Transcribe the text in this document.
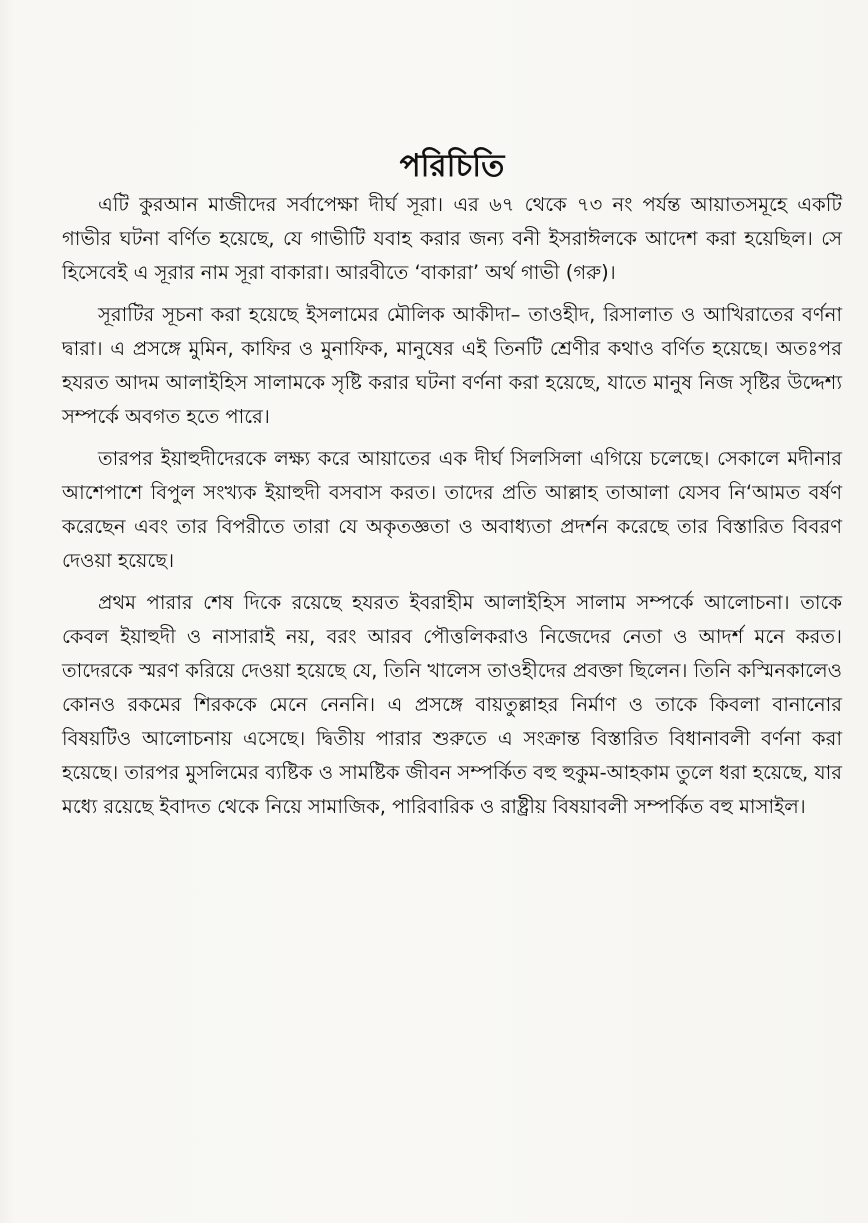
পরিচিতি

এটি কুরআন মাজীদের সর্বাপেক্ষা দীর্ঘ সূরা। এর ৬৭ থেকে ৭৩ নং পর্যন্ত আয়াতসমূহে একটি গাভীর ঘটনা বর্ণিত হয়েছে, যে গাভীটি যবাহ করার জন্য বনী ইসরাঈলকে আদেশ করা হয়েছিল। সে হিসেবেই এ সূরার নাম সূরা বাকারা। আরবীতে ‘বাকারা’ অর্থ গাভী (গরু)।

সূরাটির সূচনা করা হয়েছে ইসলামের মৌলিক আকীদা– তাওহীদ, রিসালাত ও আখিরাতের বর্ণনা দ্বারা। এ প্রসঙ্গে মুমিন, কাফির ও মুনাফিক, মানুষের এই তিনটি শ্রেণীর কথাও বর্ণিত হয়েছে। অতঃপর হযরত আদম আলাইহিস সালামকে সৃষ্টি করার ঘটনা বর্ণনা করা হয়েছে, যাতে মানুষ নিজ সৃষ্টির উদ্দেশ্য সম্পর্কে অবগত হতে পারে।

তারপর ইয়াহুদীদেরকে লক্ষ্য করে আয়াতের এক দীর্ঘ সিলসিলা এগিয়ে চলেছে। সেকালে মদীনার আশেপাশে বিপুল সংখ্যক ইয়াহুদী বসবাস করত। তাদের প্রতি আল্লাহ তাআলা যেসব নি‘আমত বর্ষণ করেছেন এবং তার বিপরীতে তারা যে অকৃতজ্ঞতা ও অবাধ্যতা প্রদর্শন করেছে তার বিস্তারিত বিবরণ দেওয়া হয়েছে।

প্রথম পারার শেষ দিকে রয়েছে হযরত ইবরাহীম আলাইহিস সালাম সম্পর্কে আলোচনা। তাকে কেবল ইয়াহুদী ও নাসারাই নয়, বরং আরব পৌত্তলিকরাও নিজেদের নেতা ও আদর্শ মনে করত। তাদেরকে স্মরণ করিয়ে দেওয়া হয়েছে যে, তিনি খালেস তাওহীদের প্রবক্তা ছিলেন। তিনি কস্মিনকালেও কোনও রকমের শিরককে মেনে নেননি। এ প্রসঙ্গে বায়তুল্লাহর নির্মাণ ও তাকে কিবলা বানানোর বিষয়টিও আলোচনায় এসেছে। দ্বিতীয় পারার শুরুতে এ সংক্রান্ত বিস্তারিত বিধানাবলী বর্ণনা করা হয়েছে। তারপর মুসলিমের ব্যষ্টিক ও সামষ্টিক জীবন সম্পর্কিত বহু হুকুম-আহকাম তুলে ধরা হয়েছে, যার মধ্যে রয়েছে ইবাদত থেকে নিয়ে সামাজিক, পারিবারিক ও রাষ্ট্রীয় বিষয়াবলী সম্পর্কিত বহু মাসাইল।
